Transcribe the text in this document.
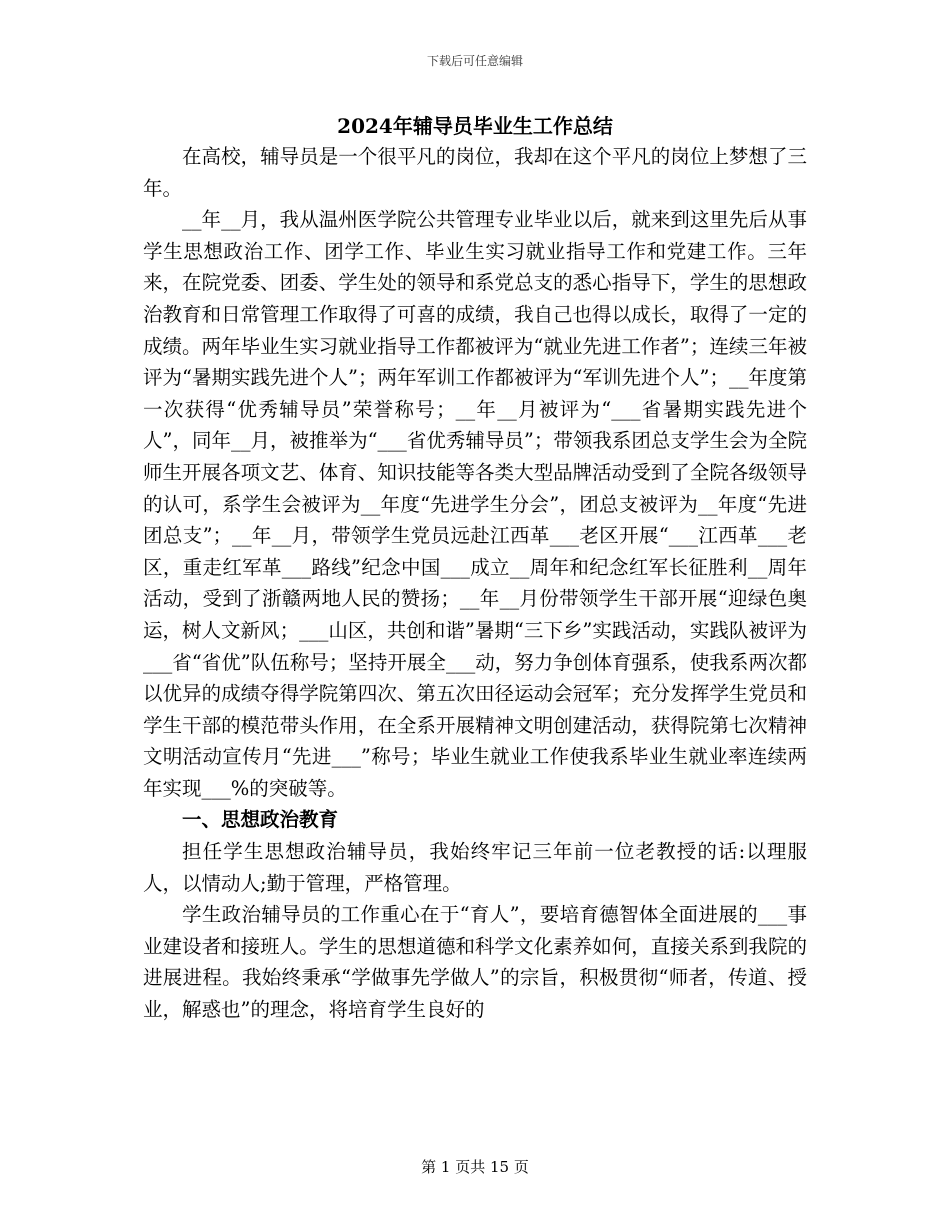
下载后可任意编辑
2024年辅导员毕业生工作总结

在高校，辅导员是一个很平凡的岗位，我却在这个平凡的岗位上梦想了三年。

__年__月，我从温州医学院公共管理专业毕业以后，就来到这里先后从事学生思想政治工作、团学工作、毕业生实习就业指导工作和党建工作。三年来，在院党委、团委、学生处的领导和系党总支的悉心指导下，学生的思想政治教育和日常管理工作取得了可喜的成绩，我自己也得以成长，取得了一定的成绩。两年毕业生实习就业指导工作都被评为“就业先进工作者”；连续三年被评为“暑期实践先进个人”；两年军训工作都被评为“军训先进个人”；__年度第一次获得“优秀辅导员”荣誉称号；__年__月被评为“___省暑期实践先进个人”，同年__月，被推举为“___省优秀辅导员”；带领我系团总支学生会为全院师生开展各项文艺、体育、知识技能等各类大型品牌活动受到了全院各级领导的认可，系学生会被评为__年度“先进学生分会”，团总支被评为__年度“先进团总支”；__年__月，带领学生党员远赴江西革___老区开展“___江西革___老区，重走红军革___路线”纪念中国___成立__周年和纪念红军长征胜利__周年活动，受到了浙赣两地人民的赞扬；__年__月份带领学生干部开展“迎绿色奥运，树人文新风；___山区，共创和谐”暑期“三下乡”实践活动，实践队被评为___省“省优”队伍称号；坚持开展全___动，努力争创体育强系，使我系两次都以优异的成绩夺得学院第四次、第五次田径运动会冠军；充分发挥学生党员和学生干部的模范带头作用，在全系开展精神文明创建活动，获得院第七次精神文明活动宣传月“先进___”称号；毕业生就业工作使我系毕业生就业率连续两年实现___%的突破等。

一、思想政治教育

担任学生思想政治辅导员，我始终牢记三年前一位老教授的话:以理服人，以情动人;勤于管理，严格管理。

学生政治辅导员的工作重心在于“育人”，要培育德智体全面进展的___事业建设者和接班人。学生的思想道德和科学文化素养如何，直接关系到我院的进展进程。我始终秉承“学做事先学做人”的宗旨，积极贯彻“师者，传道、授业，解惑也”的理念，将培育学生良好的

第 1 页共 15 页
